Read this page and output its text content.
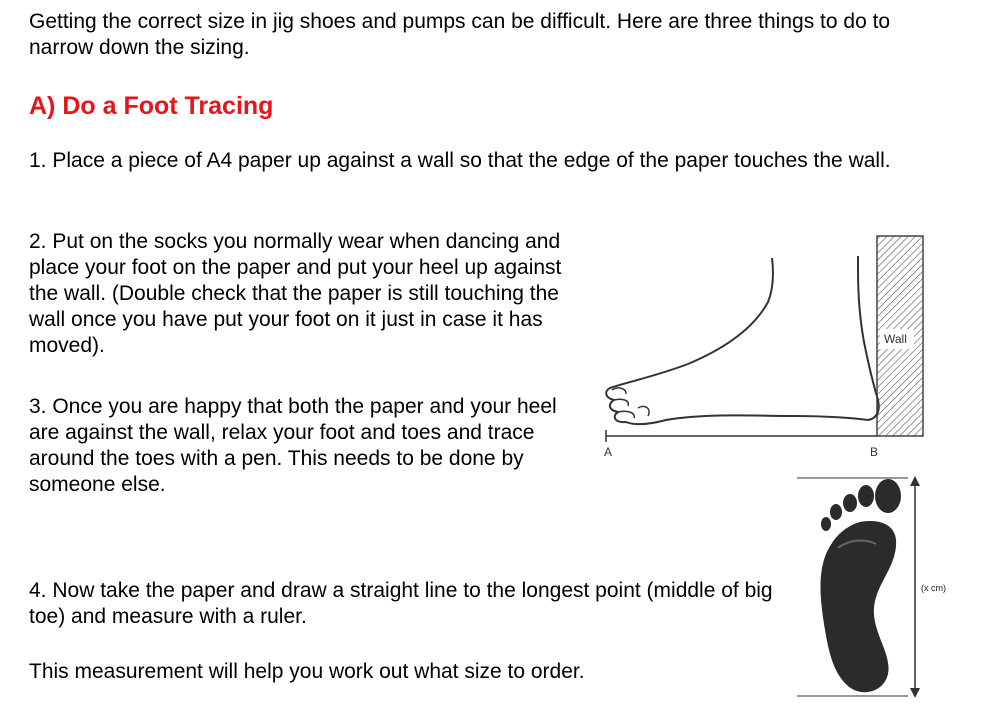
Getting the correct size in jig shoes and pumps can be difficult. Here are three things to do to narrow down the sizing.

A) Do a Foot Tracing

1. Place a piece of A4 paper up against a wall so that the edge of the paper touches the wall.

2. Put on the socks you normally wear when dancing and place your foot on the paper and put your heel up against the wall. (Double check that the paper is still touching the wall once you have put your foot on it just in case it has moved).

3. Once you are happy that both the paper and your heel are against the wall, relax your foot and toes and trace around the toes with a pen. This needs to be done by someone else.

4. Now take the paper and draw a straight line to the longest point (middle of big toe) and measure with a ruler.

This measurement will help you work out what size to order.

Wall
A	B
(x cm)
